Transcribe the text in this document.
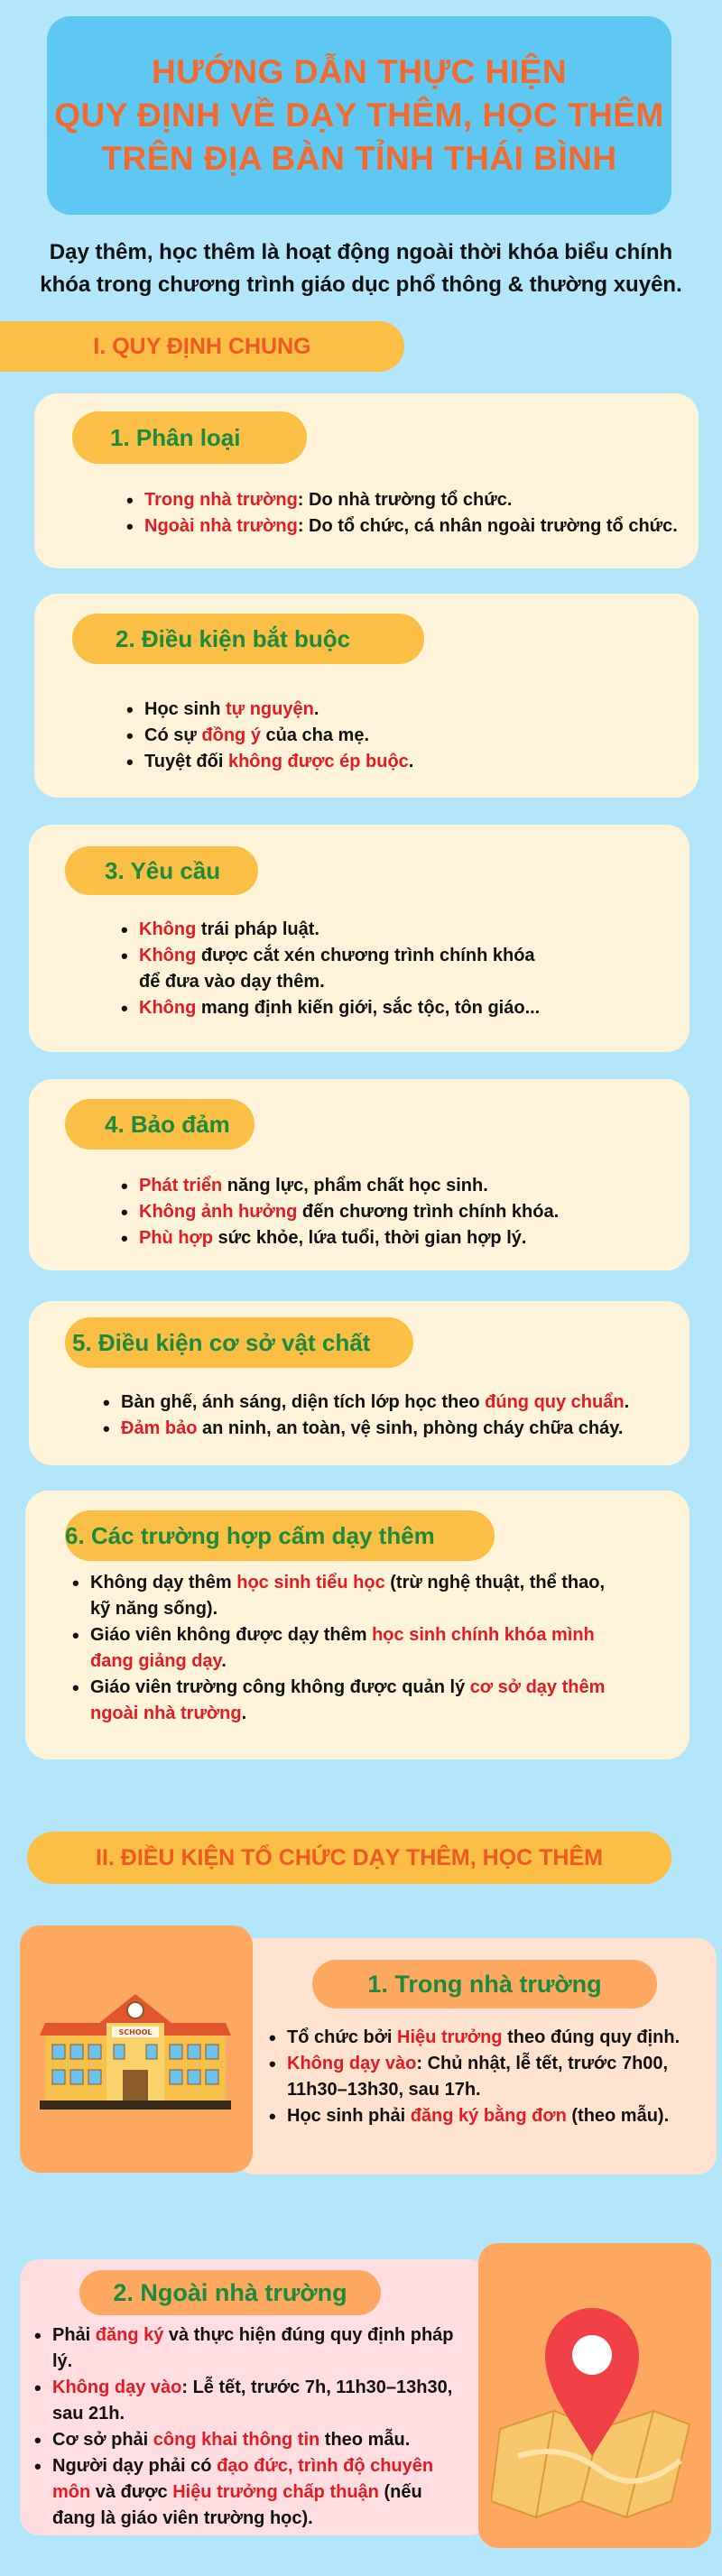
HƯỚNG DẪN THỰC HIỆN
QUY ĐỊNH VỀ DẠY THÊM, HỌC THÊM
TRÊN ĐỊA BÀN TỈNH THÁI BÌNH
Dạy thêm, học thêm là hoạt động ngoài thời khóa biểu chính
khóa trong chương trình giáo dục phổ thông & thường xuyên.
I. QUY ĐỊNH CHUNG
1. Phân loại
• Trong nhà trường: Do nhà trường tổ chức.
• Ngoài nhà trường: Do tổ chức, cá nhân ngoài trường tổ chức.
2. Điều kiện bắt buộc
• Học sinh tự nguyện.
• Có sự đồng ý của cha mẹ.
• Tuyệt đối không được ép buộc.
3. Yêu cầu
• Không trái pháp luật.
• Không được cắt xén chương trình chính khóa
để đưa vào dạy thêm.
• Không mang định kiến giới, sắc tộc, tôn giáo...
4. Bảo đảm
• Phát triển năng lực, phẩm chất học sinh.
• Không ảnh hưởng đến chương trình chính khóa.
• Phù hợp sức khỏe, lứa tuổi, thời gian hợp lý.
5. Điều kiện cơ sở vật chất
• Bàn ghế, ánh sáng, diện tích lớp học theo đúng quy chuẩn.
• Đảm bảo an ninh, an toàn, vệ sinh, phòng cháy chữa cháy.
6. Các trường hợp cấm dạy thêm
• Không dạy thêm học sinh tiểu học (trừ nghệ thuật, thể thao,
kỹ năng sống).
• Giáo viên không được dạy thêm học sinh chính khóa mình
đang giảng dạy.
• Giáo viên trường công không được quản lý cơ sở dạy thêm
ngoài nhà trường.
II. ĐIỀU KIỆN TỔ CHỨC DẠY THÊM, HỌC THÊM
1. Trong nhà trường
• Tổ chức bởi Hiệu trưởng theo đúng quy định.
• Không dạy vào: Chủ nhật, lễ tết, trước 7h00,
11h30–13h30, sau 17h.
• Học sinh phải đăng ký bằng đơn (theo mẫu).
SCHOOL
2. Ngoài nhà trường
• Phải đăng ký và thực hiện đúng quy định pháp
lý.
• Không dạy vào: Lễ tết, trước 7h, 11h30–13h30,
sau 21h.
• Cơ sở phải công khai thông tin theo mẫu.
• Người dạy phải có đạo đức, trình độ chuyên
môn và được Hiệu trưởng chấp thuận (nếu
đang là giáo viên trường học).
